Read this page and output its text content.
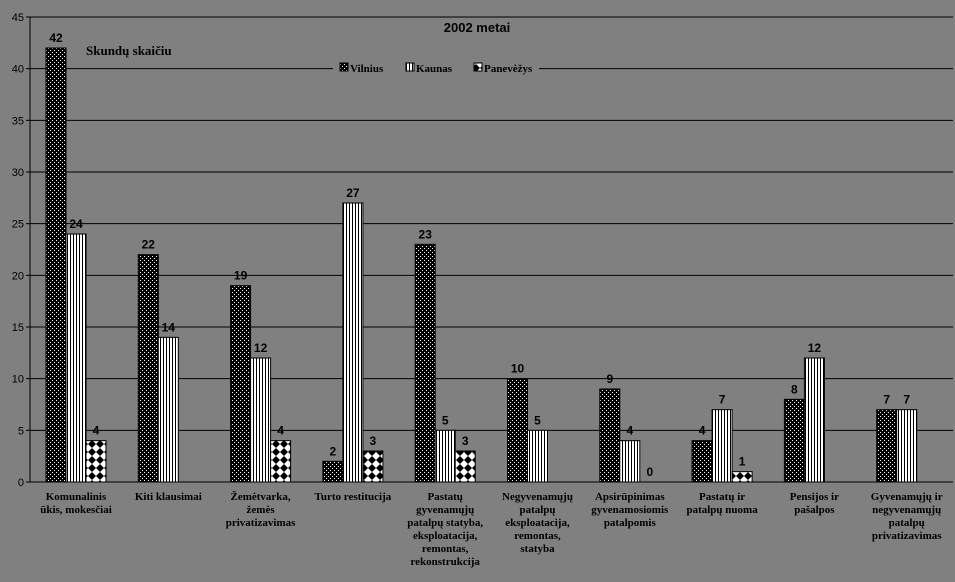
0
5
10
15
20
25
30
35
40
45
42
22
19
2
23
10
9
4
8
7
24
14
12
27
5	5
4
7
12
7
4	4
3	3
0
1
Komunalinis ūkis, mokesčiai
Kiti klausimai	Žemėtvarka, žemės privatizavimas
Turto restitucija	Pastatų gyvenamųjų patalpų statyba, eksploatacija, remontas, rekonstrukcija
Negyvenamųjų patalpų eksploatacija, remontas, statyba
Apsirūpinimas gyvenamosiomis patalpomis
Pastatų ir patalpų nuoma
Pensijos ir pašalpos
Gyvenamųjų ir negyvenamųjų patalpų privatizavimas
2002 metai
Skundų skaičiu
Vilnius	Kaunas	Panevėžys
